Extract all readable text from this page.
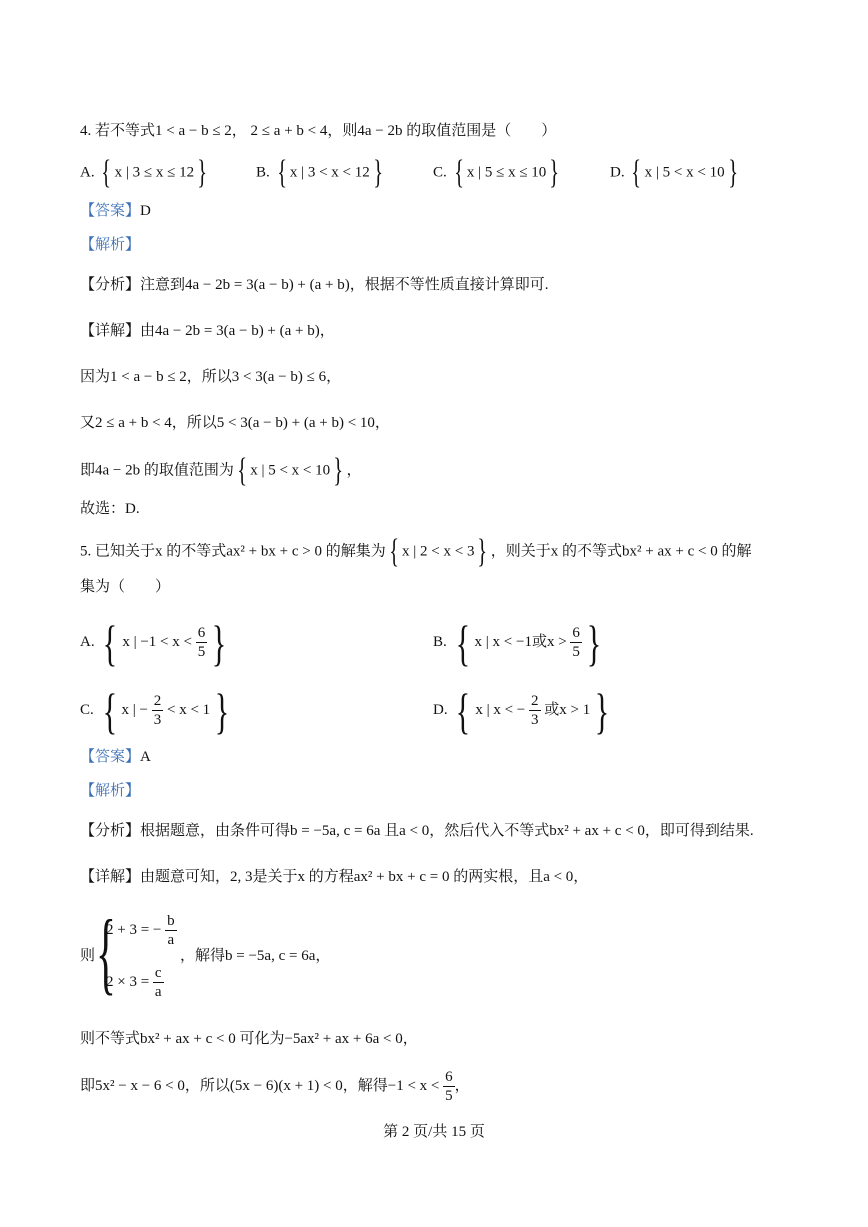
4. 若不等式1 < a − b ≤ 2， 2 ≤ a + b < 4，则4a − 2b 的取值范围是（　　）
A. { x | 3 ≤ x ≤ 12}	B. { x | 3 < x < 12}	C. { x | 5 ≤ x ≤ 10}	D. { x | 5 < x < 10}
【答案】D
【解析】
【分析】注意到4a − 2b = 3(a − b) + (a + b)，根据不等性质直接计算即可.
【详解】由4a − 2b = 3(a − b) + (a + b)，
因为1 < a − b ≤ 2，所以3 < 3(a − b) ≤ 6，
又2 ≤ a + b < 4，所以5 < 3(a − b) + (a + b) < 10，
即4a − 2b 的取值范围为{ x | 5 < x < 10} ，
故选：D.
5. 已知关于x 的不等式ax² + bx + c > 0 的解集为{ x | 2 < x < 3} ，则关于x 的不等式bx² + ax + c < 0 的解
集为（　　）
A. { x | $-1 < x < \frac{6}{5}$ }	B. { x | x < −1或$x > \frac{6}{5}$ }
C. { x | − $\frac{2}{3} < x < 1$}	D. { x | x < − $\frac{2}{3}$ 或x > 1}
【答案】A
【解析】
【分析】根据题意，由条件可得b = −5a, c = 6a 且a < 0，然后代入不等式bx² + ax + c < 0，即可得到结果.
【详解】由题意可知，2, 3是关于x 的方程ax² + bx + c = 0 的两实根，且a < 0，
则 {
2 + 3 = − $\frac{b}{a}$
$2 \times 3 = \frac{c}{a}$
，解得b = −5a, c = 6a，
则不等式bx² + ax + c < 0 可化为−5ax² + ax + 6a < 0，
即5x² − x − 6 < 0，所以(5x − 6)(x + 1) < 0，解得$-1 < x < \frac{6}{5}$ ，
第 2 页/共 15 页
